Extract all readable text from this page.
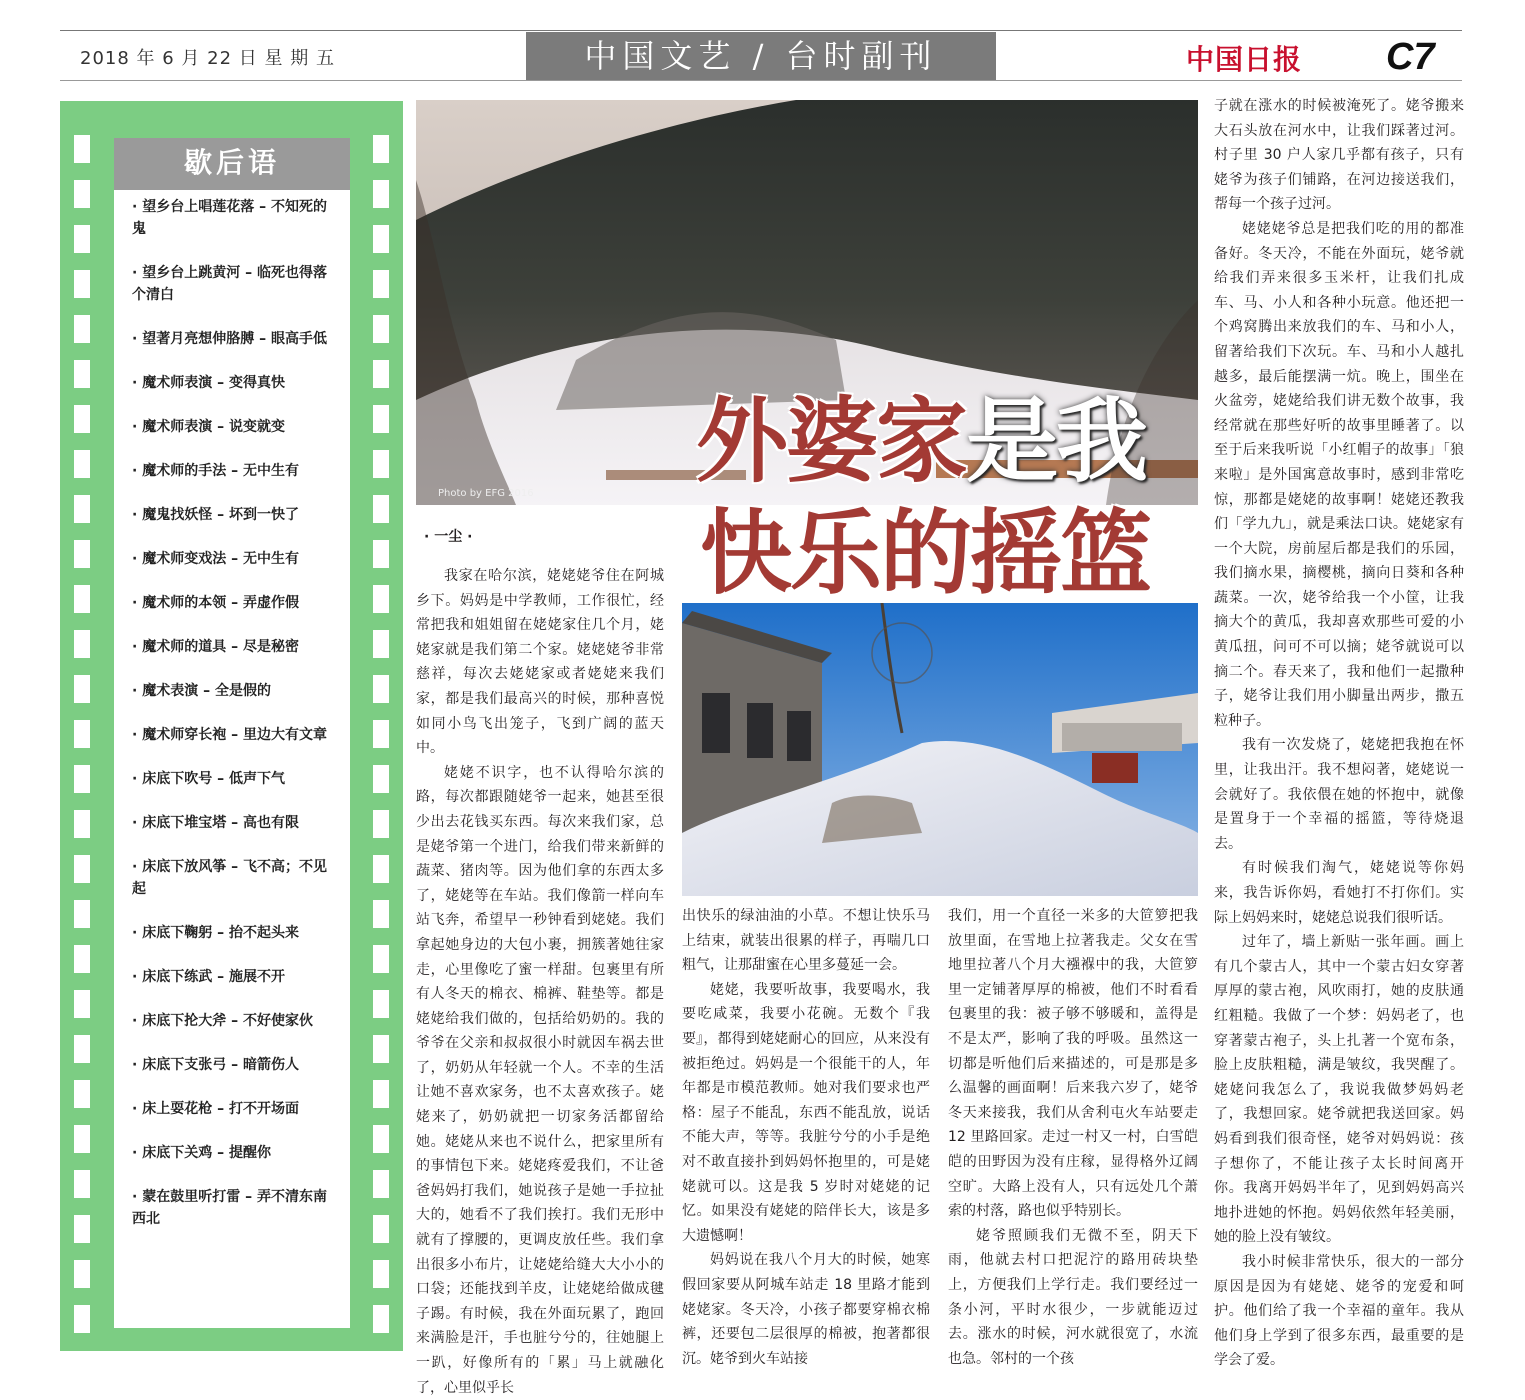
2018 年 6 月 22 日 星 期 五	中国文艺 / 台时副刊	中国日报 C7
歇后语
· 望乡台上唱莲花落 – 不知死的鬼
· 望乡台上跳黄河 – 临死也得落个清白
· 望著月亮想伸胳膊 – 眼高手低
· 魔术师表演 – 变得真快
· 魔术师表演 – 说变就变
· 魔术师的手法 – 无中生有
· 魔鬼找妖怪 – 坏到一快了
· 魔术师变戏法 – 无中生有
· 魔术师的本领 – 弄虚作假
· 魔术师的道具 – 尽是秘密
· 魔术表演 – 全是假的
· 魔术师穿长袍 – 里边大有文章
· 床底下吹号 – 低声下气
· 床底下堆宝塔 – 高也有限
· 床底下放风筝 – 飞不高；不见起
· 床底下鞠躬 – 抬不起头来
· 床底下练武 – 施展不开
· 床底下抡大斧 – 不好使家伙
· 床底下支张弓 – 暗箭伤人
· 床上耍花枪 – 打不开场面
· 床底下关鸡 – 提醒你
· 蒙在鼓里听打雷 – 弄不清东南西北
Photo by EFG 2016 外婆家是我
快乐的摇篮
· 一尘 ·

我家在哈尔滨，姥姥姥爷住在阿城乡下。妈妈是中学教师，工作很忙，经常把我和姐姐留在姥姥家住几个月，姥姥家就是我们第二个家。姥姥姥爷非常慈祥，每次去姥姥家或者姥姥来我们家，都是我们最高兴的时候，那种喜悦如同小鸟飞出笼子，飞到广阔的蓝天中。

姥姥不识字，也不认得哈尔滨的路，每次都跟随姥爷一起来，她甚至很少出去花钱买东西。每次来我们家，总是姥爷第一个进门，给我们带来新鲜的蔬菜、猪肉等。因为他们拿的东西太多了，姥姥等在车站。我们像箭一样向车站飞奔，希望早一秒钟看到姥姥。我们拿起她身边的大包小裹，拥簇著她往家走，心里像吃了蜜一样甜。包裹里有所有人冬天的棉衣、棉裤、鞋垫等。都是姥姥给我们做的，包括给奶奶的。我的爷爷在父亲和叔叔很小时就因车祸去世了，奶奶从年轻就一个人。不幸的生活让她不喜欢家务，也不太喜欢孩子。姥姥来了，奶奶就把一切家务活都留给她。姥姥从来也不说什么，把家里所有的事情包下来。姥姥疼爱我们，不让爸爸妈妈打我们，她说孩子是她一手拉扯大的，她看不了我们挨打。我们无形中就有了撑腰的，更调皮放任些。我们拿出很多小布片，让姥姥给缝大大小小的口袋；还能找到羊皮，让姥姥给做成毽子踢。有时候，我在外面玩累了，跑回来满脸是汗，手也脏兮兮的，往她腿上一趴，好像所有的「累」马上就融化了，心里似乎长

出快乐的绿油油的小草。不想让快乐马上结束，就装出很累的样子，再喘几口粗气，让那甜蜜在心里多蔓延一会。

姥姥，我要听故事，我要喝水，我要吃咸菜，我要小花碗。无数个『我要』，都得到姥姥耐心的回应，从来没有被拒绝过。妈妈是一个很能干的人，年年都是市模范教师。她对我们要求也严格：屋子不能乱，东西不能乱放，说话不能大声，等等。我脏兮兮的小手是绝对不敢直接扑到妈妈怀抱里的，可是姥姥就可以。这是我 5 岁时对姥姥的记忆。如果没有姥姥的陪伴长大，该是多大遗憾啊！

妈妈说在我八个月大的时候，她寒假回家要从阿城车站走 18 里路才能到姥姥家。冬天冷，小孩子都要穿棉衣棉裤，还要包二层很厚的棉被，抱著都很沉。姥爷到火车站接

我们，用一个直径一米多的大笸箩把我放里面，在雪地上拉著我走。父女在雪地里拉著八个月大襁褓中的我，大笸箩里一定铺著厚厚的棉被，他们不时看看包裹里的我：被子够不够暖和，盖得是不是太严，影响了我的呼吸。虽然这一切都是听他们后来描述的，可是那是多么温馨的画面啊！后来我六岁了，姥爷冬天来接我，我们从舍利屯火车站要走 12 里路回家。走过一村又一村，白雪皑皑的田野因为没有庄稼，显得格外辽阔空旷。大路上没有人，只有远处几个萧索的村落，路也似乎特别长。

姥爷照顾我们无微不至，阴天下雨，他就去村口把泥泞的路用砖块垫上，方便我们上学行走。我们要经过一条小河，平时水很少，一步就能迈过去。涨水的时候，河水就很宽了，水流也急。邻村的一个孩

子就在涨水的时候被淹死了。姥爷搬来大石头放在河水中，让我们踩著过河。村子里 30 户人家几乎都有孩子，只有姥爷为孩子们铺路，在河边接送我们，帮每一个孩子过河。

姥姥姥爷总是把我们吃的用的都准备好。冬天冷，不能在外面玩，姥爷就给我们弄来很多玉米杆，让我们扎成车、马、小人和各种小玩意。他还把一个鸡窝腾出来放我们的车、马和小人，留著给我们下次玩。车、马和小人越扎越多，最后能摆满一炕。晚上，围坐在火盆旁，姥姥给我们讲无数个故事，我经常就在那些好听的故事里睡著了。以至于后来我听说「小红帽子的故事」「狼来啦」是外国寓意故事时，感到非常吃惊，那都是姥姥的故事啊！姥姥还教我们「学九九」，就是乘法口诀。姥姥家有一个大院，房前屋后都是我们的乐园，我们摘水果，摘樱桃，摘向日葵和各种蔬菜。一次，姥爷给我一个小筐，让我摘大个的黄瓜，我却喜欢那些可爱的小黄瓜扭，问可不可以摘；姥爷就说可以摘二个。春天来了，我和他们一起撒种子，姥爷让我们用小脚量出两步，撒五粒种子。

我有一次发烧了，姥姥把我抱在怀里，让我出汗。我不想闷著，姥姥说一会就好了。我依偎在她的怀抱中，就像是置身于一个幸福的摇篮，等待烧退去。

有时候我们淘气，姥姥说等你妈来，我告诉你妈，看她打不打你们。实际上妈妈来时，姥姥总说我们很听话。

过年了，墙上新贴一张年画。画上有几个蒙古人，其中一个蒙古妇女穿著厚厚的蒙古袍，风吹雨打，她的皮肤通红粗糙。我做了一个梦：妈妈老了，也穿著蒙古袍子，头上扎著一个宽布条，脸上皮肤粗糙，满是皱纹，我哭醒了。姥姥问我怎么了，我说我做梦妈妈老了，我想回家。姥爷就把我送回家。妈妈看到我们很奇怪，姥爷对妈妈说：孩子想你了，不能让孩子太长时间离开你。我离开妈妈半年了，见到妈妈高兴地扑进她的怀抱。妈妈依然年轻美丽，她的脸上没有皱纹。

我小时候非常快乐，很大的一部分原因是因为有姥姥、姥爷的宠爱和呵护。他们给了我一个幸福的童年。我从他们身上学到了很多东西，最重要的是学会了爱。
